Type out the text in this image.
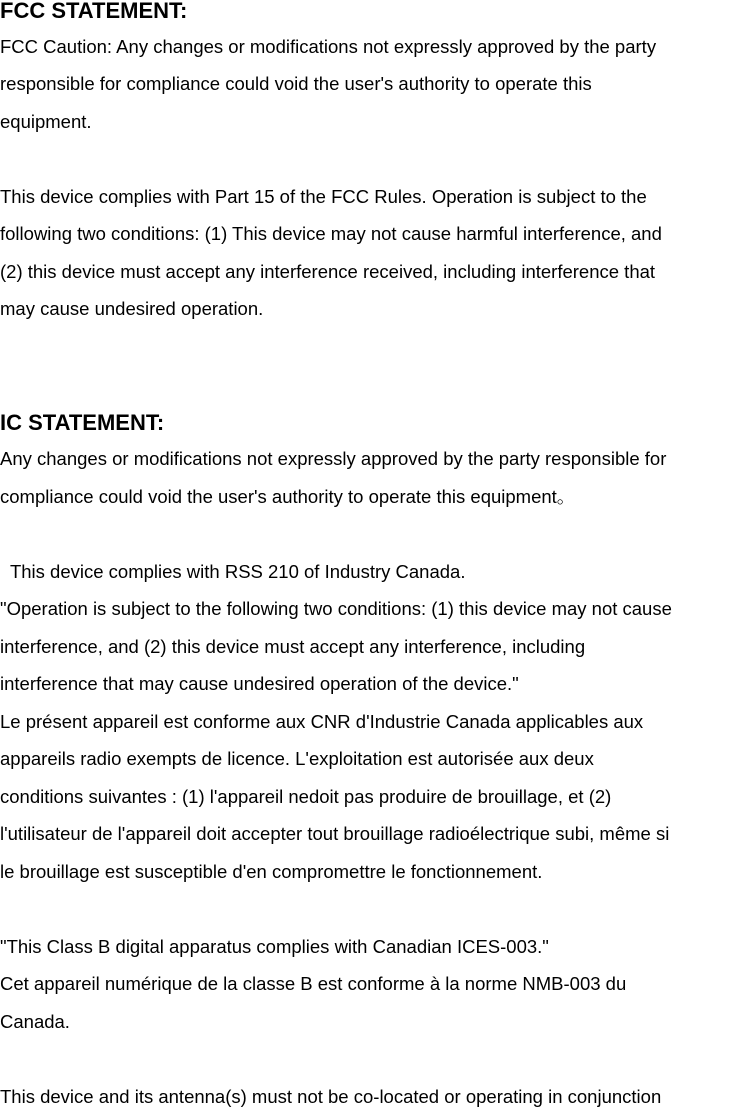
FCC STATEMENT:
FCC Caution: Any changes or modifications not expressly approved by the party
responsible for compliance could void the user's authority to operate this
equipment.
This device complies with Part 15 of the FCC Rules. Operation is subject to the
following two conditions: (1) This device may not cause harmful interference, and
(2) this device must accept any interference received, including interference that
may cause undesired operation.
IC STATEMENT:
Any changes or modifications not expressly approved by the party responsible for
compliance could void the user's authority to operate this equipment。
This device complies with RSS 210 of Industry Canada.
"Operation is subject to the following two conditions: (1) this device may not cause
interference, and (2) this device must accept any interference, including
interference that may cause undesired operation of the device."
Le présent appareil est conforme aux CNR d'Industrie Canada applicables aux
appareils radio exempts de licence. L'exploitation est autorisée aux deux
conditions suivantes : (1) l'appareil nedoit pas produire de brouillage, et (2)
l'utilisateur de l'appareil doit accepter tout brouillage radioélectrique subi, même si
le brouillage est susceptible d'en compromettre le fonctionnement.
"This Class B digital apparatus complies with Canadian ICES-003."
Cet appareil numérique de la classe B est conforme à la norme NMB-003 du
Canada.
This device and its antenna(s) must not be co-located or operating in conjunction
